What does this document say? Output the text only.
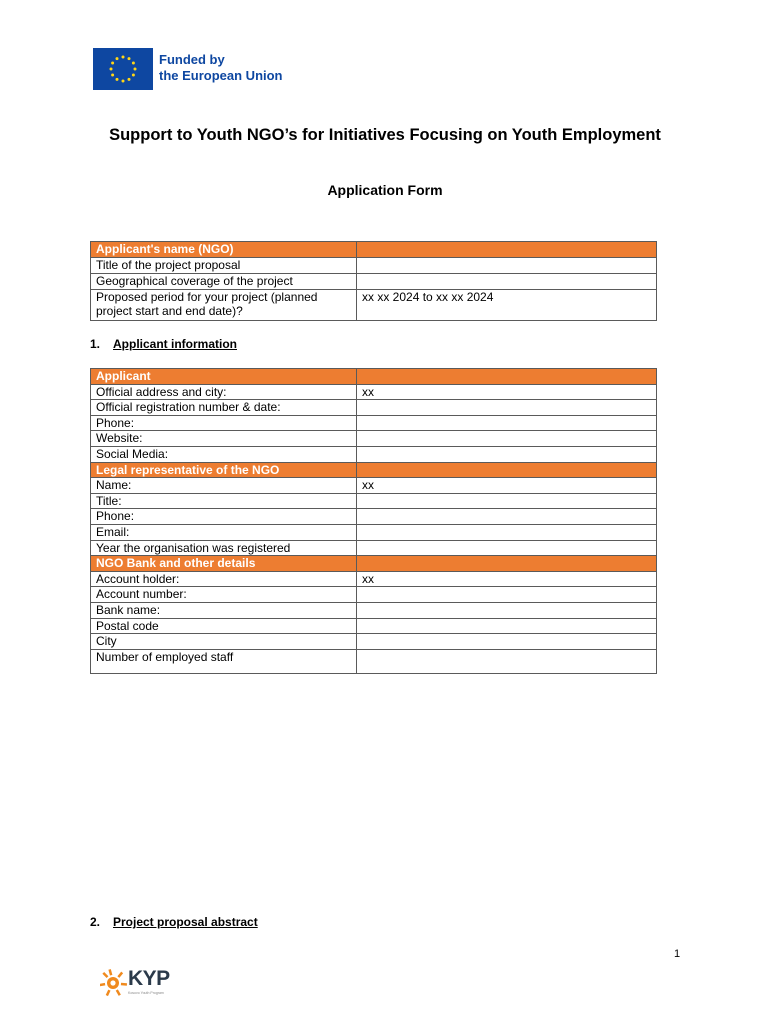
Funded by
the European Union
Support to Youth NGO’s for Initiatives Focusing on Youth Employment
Application Form
Applicant's name (NGO)	
Title of the project proposal	
Geographical coverage of the project	
Proposed period for your project (planned project start and end date)?	xx xx 2024 to xx xx 2024
1. Applicant information
Applicant	
Official address and city:	xx
Official registration number & date:	
Phone:	
Website:	
Social Media:	
Legal representative of the NGO	
Name:	xx
Title:	
Phone:	
Email:	
Year the organisation was registered	
NGO Bank and other details	
Account holder:	xx
Account number:	
Bank name:	
Postal code	
City	
Number of employed staff	
2. Project proposal abstract
1
KYP
Kosovo Youth Program
